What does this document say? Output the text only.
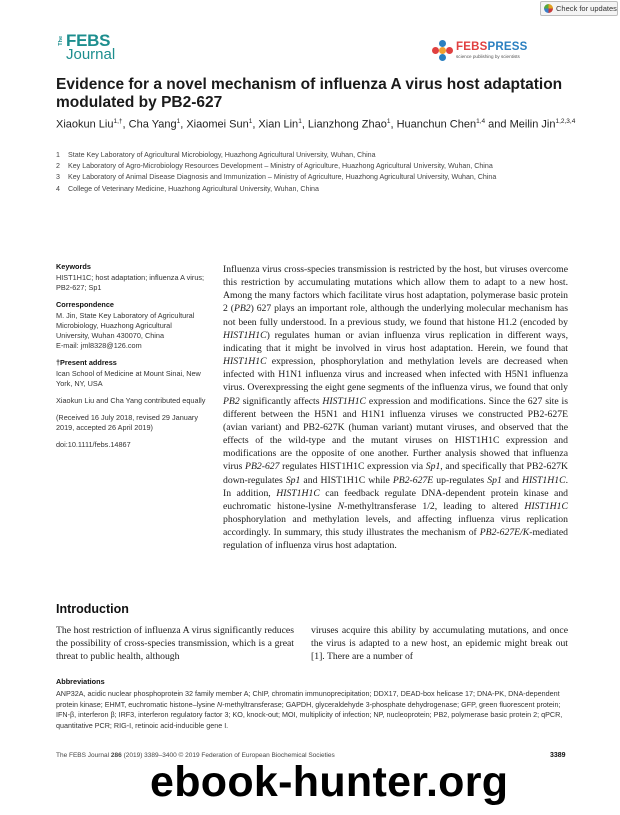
Check for updates
The FEBS
Journal	FEBSPRESS
science publishing by scientists
Evidence for a novel mechanism of influenza A virus host adaptation modulated by PB2-627
Xiaokun Liu$^{1,\dagger}$, Cha Yang$^1$, Xiaomei Sun$^1$, Xian Lin$^1$, Lianzhong Zhao$^1$, Huanchun Chen$^{1,4}$ and Meilin Jin$^{1,2,3,4}$
1 State Key Laboratory of Agricultural Microbiology, Huazhong Agricultural University, Wuhan, China
2 Key Laboratory of Agro-Microbiology Resources Development – Ministry of Agriculture, Huazhong Agricultural University, Wuhan, China
3 Key Laboratory of Animal Disease Diagnosis and Immunization – Ministry of Agriculture, Huazhong Agricultural University, Wuhan, China
4 College of Veterinary Medicine, Huazhong Agricultural University, Wuhan, China
Keywords
HIST1H1C; host adaptation; influenza A virus; PB2-627; Sp1
Correspondence
M. Jin, State Key Laboratory of Agricultural Microbiology, Huazhong Agricultural University, Wuhan 430070, China
E-mail: jml8328@126.com
†Present address
Ican School of Medicine at Mount Sinai, New York, NY, USA
Xiaokun Liu and Cha Yang contributed equally
(Received 16 July 2018, revised 29 January 2019, accepted 26 April 2019)
doi:10.1111/febs.14867
Influenza virus cross-species transmission is restricted by the host, but viruses overcome this restriction by accumulating mutations which allow them to adapt to a new host. Among the many factors which facilitate virus host adaptation, polymerase basic protein 2 (PB2) 627 plays an important role, although the underlying molecular mechanism has not been fully understood. In a previous study, we found that histone H1.2 (encoded by HIST1H1C) regulates human or avian influenza virus replication in different ways, indicating that it might be involved in virus host adaptation. Herein, we found that HIST1H1C expression, phosphorylation and methylation levels are decreased when infected with H1N1 influenza virus and increased when infected with H5N1 influenza virus. Overexpressing the eight gene segments of the influenza virus, we found that only PB2 significantly affects HIST1H1C expression and modifications. Since the 627 site is different between the H5N1 and H1N1 influenza viruses we constructed PB2-627E (avian variant) and PB2-627K (human variant) mutant viruses, and observed that the effects of the wild-type and the mutant viruses on HIST1H1C expression and modifications are the opposite of one another. Further analysis showed that influenza virus PB2-627 regulates HIST1H1C expression via Sp1, and specifically that PB2-627K down-regulates Sp1 and HIST1H1C while PB2-627E up-regulates Sp1 and HIST1H1C. In addition, HIST1H1C can feedback regulate DNA-dependent protein kinase and euchromatic histone-lysine N-methyltransferase 1/2, leading to altered HIST1H1C phosphorylation and methylation levels, and affecting influenza virus replication accordingly. In summary, this study illustrates the mechanism of PB2-627E/K-mediated regulation of influenza virus host adaptation.
Introduction
The host restriction of influenza A virus significantly reduces the possibility of cross-species transmission, which is a great threat to public health, although
viruses acquire this ability by accumulating mutations, and once the virus is adapted to a new host, an epidemic might break out [1]. There are a number of
Abbreviations
ANP32A, acidic nuclear phosphoprotein 32 family member A; ChIP, chromatin immunoprecipitation; DDX17, DEAD-box helicase 17; DNA-PK, DNA-dependent protein kinase; EHMT, euchromatic histone–lysine N-methyltransferase; GAPDH, glyceraldehyde 3-phosphate dehydrogenase; GFP, green fluorescent protein; IFN-β, interferon β; IRF3, interferon regulatory factor 3; KO, knock-out; MOI, multiplicity of infection; NP, nucleoprotein; PB2, polymerase basic protein 2; qPCR, quantitative PCR; RIG-I, retinoic acid-inducible gene I.
The FEBS Journal 286 (2019) 3389–3400 © 2019 Federation of European Biochemical Societies	3389
ebook-hunter.org
